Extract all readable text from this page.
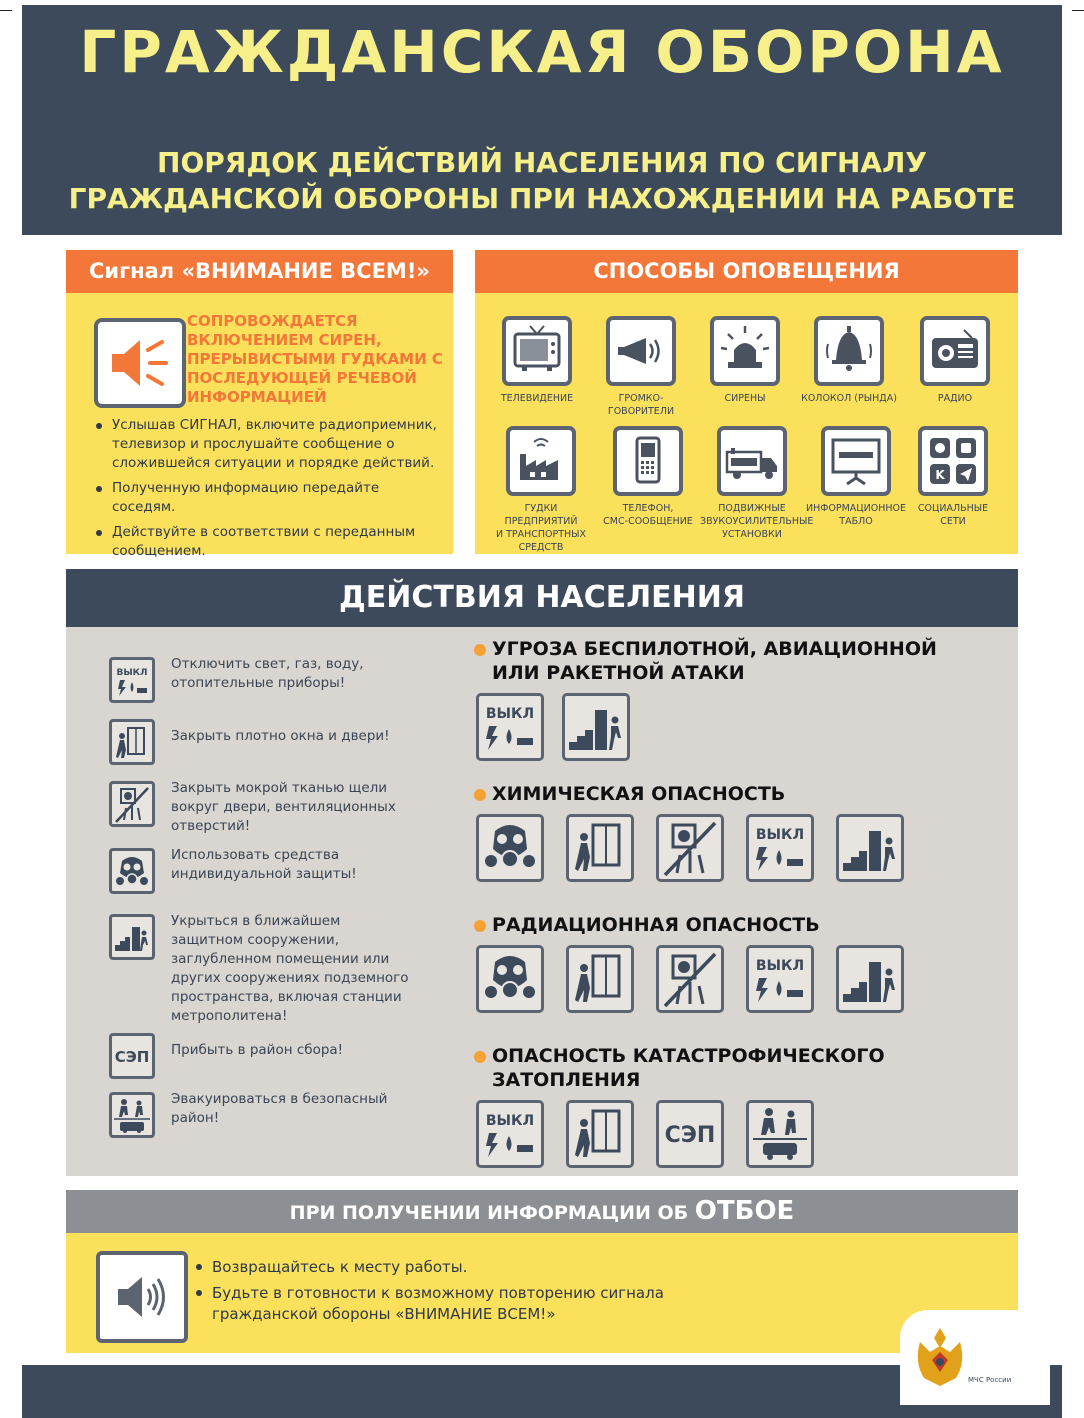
ГРАЖДАНСКАЯ ОБОРОНА
ПОРЯДОК ДЕЙСТВИЙ НАСЕЛЕНИЯ ПО СИГНАЛУ
ГРАЖДАНСКОЙ ОБОРОНЫ ПРИ НАХОЖДЕНИИ НА РАБОТЕ
Сигнал «ВНИМАНИЕ ВСЕМ!»
СОПРОВОЖДАЕТСЯ ВКЛЮЧЕНИЕМ СИРЕН, ПРЕРЫВИСТЫМИ ГУДКАМИ С ПОСЛЕДУЮЩЕЙ РЕЧЕВОЙ ИНФОРМАЦИЕЙ
Услышав СИГНАЛ, включите радиоприемник, телевизор и прослушайте сообщение о сложившейся ситуации и порядке действий.
Полученную информацию передайте соседям.
Действуйте в соответствии с переданным сообщением.
СПОСОБЫ ОПОВЕЩЕНИЯ
ТЕЛЕВИДЕНИЕ	ГРОМКО-
ГОВОРИТЕЛИ
СИРЕНЫ	КОЛОКОЛ (РЫНДА)	РАДИО
ГУДКИ ПРЕДПРИЯТИЙ
И ТРАНСПОРТНЫХ
СРЕДСТВ
ТЕЛЕФОН,
СМС-СООБЩЕНИЕ
ПОДВИЖНЫЕ
ЗВУКОУСИЛИТЕЛЬНЫЕ
УСТАНОВКИ
ИНФОРМАЦИОННОЕ
ТАБЛО
K
СОЦИАЛЬНЫЕ
СЕТИ
ДЕЙСТВИЯ НАСЕЛЕНИЯ
ВЫКЛ
Отключить свет, газ, воду, отопительные приборы!
Закрыть плотно окна и двери!
Закрыть мокрой тканью щели вокруг двери, вентиляционных отверстий!
Использовать средства индивидуальной защиты!
Укрыться в ближайшем защитном сооружении, заглубленном помещении или других сооружениях подземного пространства, включая станции метрополитена!
СЭП Прибыть в район сбора!
Эвакуироваться в безопасный район!
УГРОЗА БЕСПИЛОТНОЙ, АВИАЦИОННОЙ ИЛИ РАКЕТНОЙ АТАКИ
ВЫКЛ
ХИМИЧЕСКАЯ ОПАСНОСТЬ
ВЫКЛ
РАДИАЦИОННАЯ ОПАСНОСТЬ
ВЫКЛ
ОПАСНОСТЬ КАТАСТРОФИЧЕСКОГО ЗАТОПЛЕНИЯ
ВЫКЛ
СЭП
ПРИ ПОЛУЧЕНИИ ИНФОРМАЦИИ ОБ ОТБОЕ
Возвращайтесь к месту работы.
Будьте в готовности к возможному повторению сигнала гражданской обороны «ВНИМАНИЕ ВСЕМ!»
МЧС России
